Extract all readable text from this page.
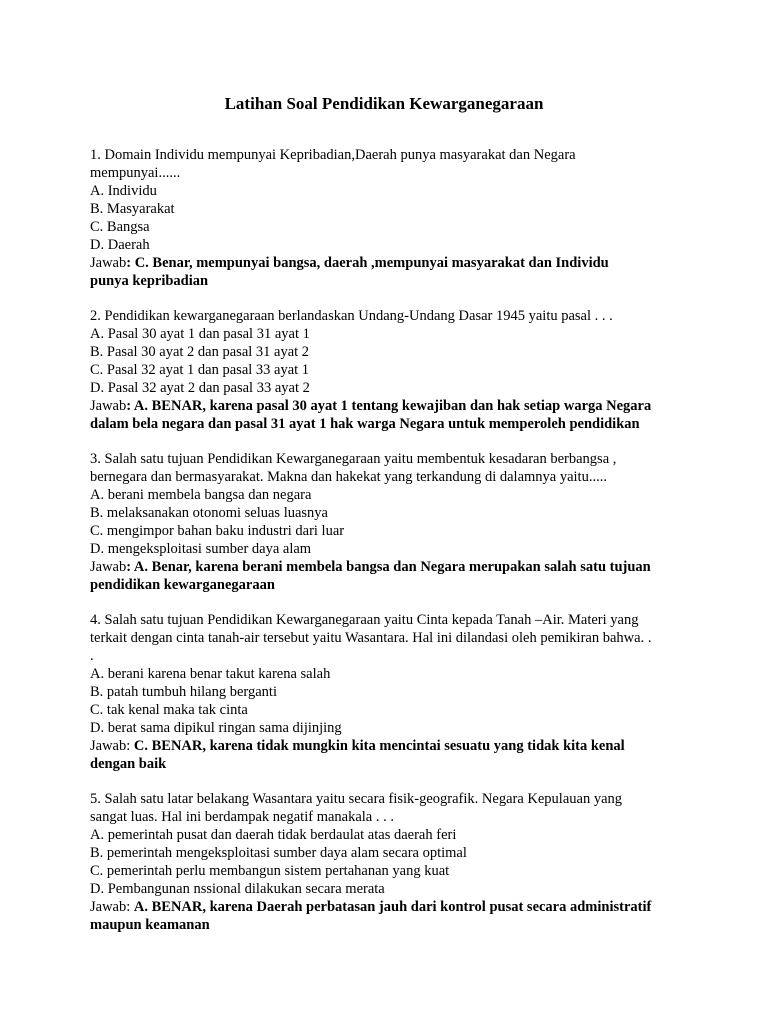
Latihan Soal Pendidikan Kewarganegaraan
1. Domain Individu mempunyai Kepribadian,Daerah punya masyarakat dan Negara
mempunyai......
A. Individu
B. Masyarakat
C. Bangsa
D. Daerah
Jawab: C. Benar, mempunyai bangsa, daerah ,mempunyai masyarakat dan Individu
punya kepribadian
2. Pendidikan kewarganegaraan berlandaskan Undang-Undang Dasar 1945 yaitu pasal . . .
A. Pasal 30 ayat 1 dan pasal 31 ayat 1
B. Pasal 30 ayat 2 dan pasal 31 ayat 2
C. Pasal 32 ayat 1 dan pasal 33 ayat 1
D. Pasal 32 ayat 2 dan pasal 33 ayat 2
Jawab: A. BENAR, karena pasal 30 ayat 1 tentang kewajiban dan hak setiap warga Negara
dalam bela negara dan pasal 31 ayat 1 hak warga Negara untuk memperoleh pendidikan
3. Salah satu tujuan Pendidikan Kewarganegaraan yaitu membentuk kesadaran berbangsa ,
bernegara dan bermasyarakat. Makna dan hakekat yang terkandung di dalamnya yaitu.....
A. berani membela bangsa dan negara
B. melaksanakan otonomi seluas luasnya
C. mengimpor bahan baku industri dari luar
D. mengeksploitasi sumber daya alam
Jawab: A. Benar, karena berani membela bangsa dan Negara merupakan salah satu tujuan
pendidikan kewarganegaraan
4. Salah satu tujuan Pendidikan Kewarganegaraan yaitu Cinta kepada Tanah –Air. Materi yang
terkait dengan cinta tanah-air tersebut yaitu Wasantara. Hal ini dilandasi oleh pemikiran bahwa. .
.
A. berani karena benar takut karena salah
B. patah tumbuh hilang berganti
C. tak kenal maka tak cinta
D. berat sama dipikul ringan sama dijinjing
Jawab: C. BENAR, karena tidak mungkin kita mencintai sesuatu yang tidak kita kenal
dengan baik
5. Salah satu latar belakang Wasantara yaitu secara fisik-geografik. Negara Kepulauan yang
sangat luas. Hal ini berdampak negatif manakala . . .
A. pemerintah pusat dan daerah tidak berdaulat atas daerah feri
B. pemerintah mengeksploitasi sumber daya alam secara optimal
C. pemerintah perlu membangun sistem pertahanan yang kuat
D. Pembangunan nssional dilakukan secara merata
Jawab: A. BENAR, karena Daerah perbatasan jauh dari kontrol pusat secara administratif
maupun keamanan
